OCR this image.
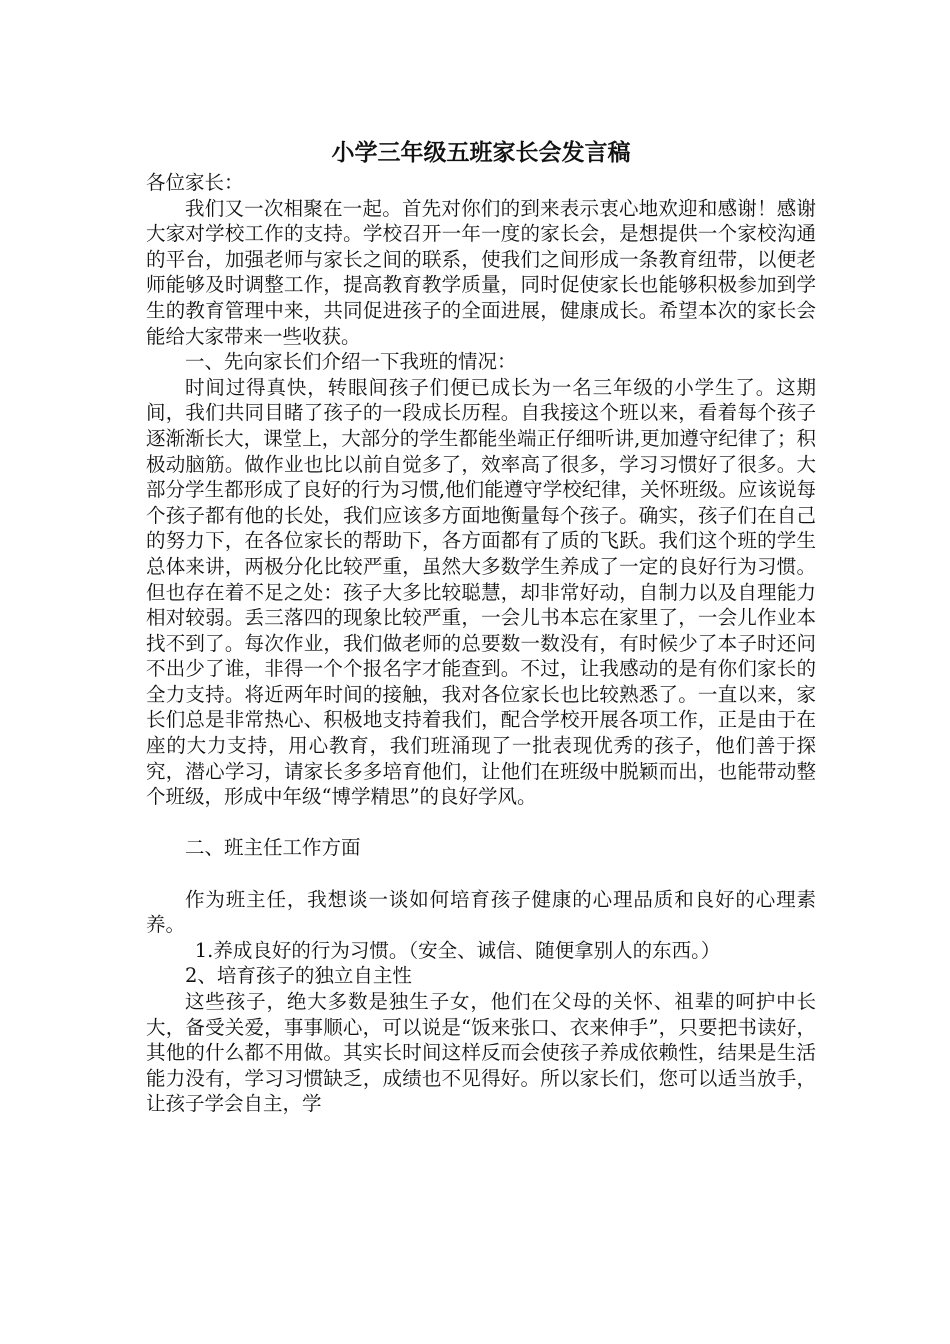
小学三年级五班家长会发言稿

各位家长：

我们又一次相聚在一起。首先对你们的到来表示衷心地欢迎和感谢！感谢大家对学校工作的支持。学校召开一年一度的家长会，是想提供一个家校沟通的平台，加强老师与家长之间的联系，使我们之间形成一条教育纽带，以便老师能够及时调整工作，提高教育教学质量，同时促使家长也能够积极参加到学生的教育管理中来，共同促进孩子的全面进展，健康成长。希望本次的家长会能给大家带来一些收获。

一、先向家长们介绍一下我班的情况：

时间过得真快，转眼间孩子们便已成长为一名三年级的小学生了。这期间，我们共同目睹了孩子的一段成长历程。自我接这个班以来，看着每个孩子逐渐渐长大，课堂上，大部分的学生都能坐端正仔细听讲,更加遵守纪律了；积极动脑筋。做作业也比以前自觉多了，效率高了很多，学习习惯好了很多。大部分学生都形成了良好的行为习惯,他们能遵守学校纪律，关怀班级。应该说每个孩子都有他的长处，我们应该多方面地衡量每个孩子。确实，孩子们在自己的努力下，在各位家长的帮助下，各方面都有了质的飞跃。我们这个班的学生总体来讲，两极分化比较严重，虽然大多数学生养成了一定的良好行为习惯。但也存在着不足之处：孩子大多比较聪慧，却非常好动，自制力以及自理能力相对较弱。丢三落四的现象比较严重，一会儿书本忘在家里了，一会儿作业本找不到了。每次作业，我们做老师的总要数一数没有，有时候少了本子时还问不出少了谁，非得一个个报名字才能查到。不过，让我感动的是有你们家长的全力支持。将近两年时间的接触，我对各位家长也比较熟悉了。一直以来，家长们总是非常热心、积极地支持着我们，配合学校开展各项工作，正是由于在座的大力支持，用心教育，我们班涌现了一批表现优秀的孩子，他们善于探究，潜心学习，请家长多多培育他们，让他们在班级中脱颖而出，也能带动整个班级，形成中年级“博学精思”的良好学风。

二、班主任工作方面

作为班主任，我想谈一谈如何培育孩子健康的心理品质和良好的心理素养。

1.养成良好的行为习惯。（安全、诚信、随便拿别人的东西。）

2、培育孩子的独立自主性

这些孩子，绝大多数是独生子女，他们在父母的关怀、祖辈的呵护中长大，备受关爱，事事顺心，可以说是“饭来张口、衣来伸手”，只要把书读好，其他的什么都不用做。其实长时间这样反而会使孩子养成依赖性，结果是生活能力没有，学习习惯缺乏，成绩也不见得好。所以家长们，您可以适当放手，让孩子学会自主，学
